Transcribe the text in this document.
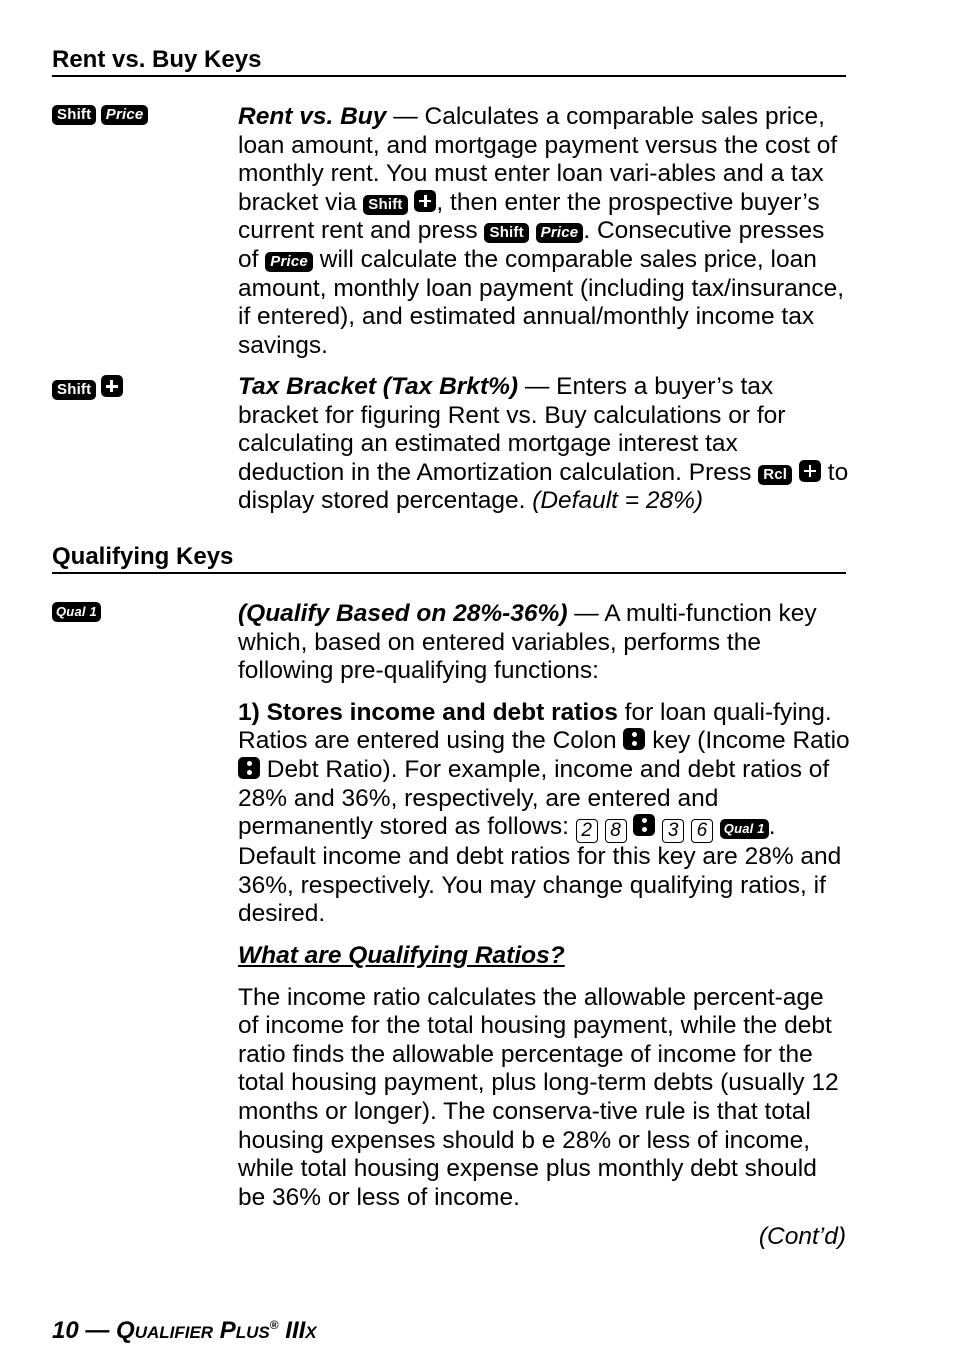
Rent vs. Buy Keys
Shift Price	Rent vs. Buy — Calculates a comparable sales price, loan amount, and mortgage payment versus the cost of monthly rent. You must enter loan vari-ables and a tax bracket via Shift , then enter the prospective buyer’s current rent and press Shift Price . Consecutive presses of Price will calculate the comparable sales price, loan amount, monthly loan payment (including tax/insurance, if entered), and estimated annual/monthly income tax savings.

Shift	Tax Bracket (Tax Brkt%) — Enters a buyer’s tax bracket for figuring Rent vs. Buy calculations or for calculating an estimated mortgage interest tax deduction in the Amortization calculation. Press Rcl  to display stored percentage. (Default = 28%)

Qualifying Keys
Qual 1	(Qualify Based on 28%-36%) — A multi-function key which, based on entered variables, performs the following pre-qualifying functions:

1) Stores income and debt ratios for loan quali-fying. Ratios are entered using the Colon  key (Income Ratio  Debt Ratio). For example, income and debt ratios of 28% and 36%, respectively, are entered and permanently stored as follows: 2 8 3 6 Qual 1 . Default income and debt ratios for this key are 28% and 36%, respectively. You may change qualifying ratios, if desired.

What are Qualifying Ratios?

The income ratio calculates the allowable percent-age of income for the total housing payment, while the debt ratio finds the allowable percentage of income for the total housing payment, plus long-term debts (usually 12 months or longer). The conserva-tive rule is that total housing expenses should b e 28% or less of income, while total housing expense plus monthly debt should be 36% or less of income.

(Cont’d)
10 — Qualifier Plus® IIIx
